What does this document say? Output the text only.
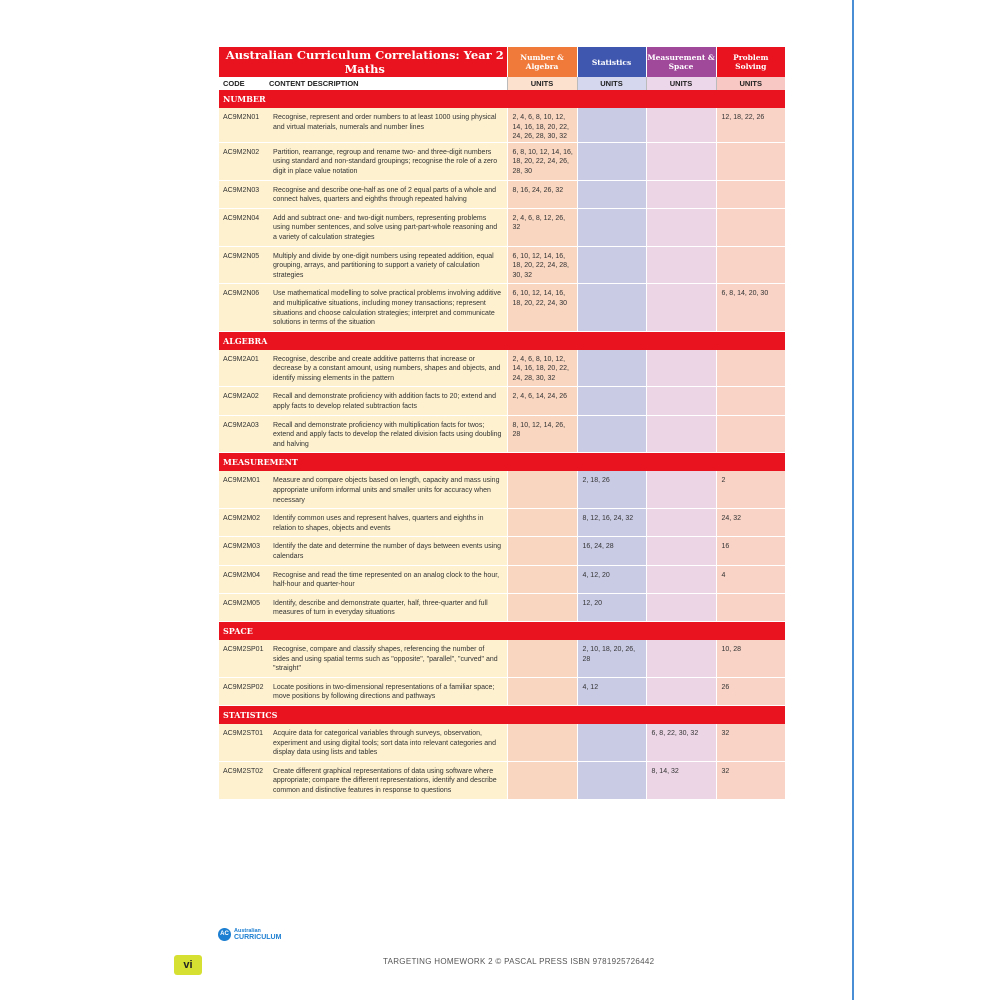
Australian Curriculum Correlations: Year 2 Maths		Number & Algebra	Statistics	Measurement & Space	Problem Solving
CODE	CONTENT DESCRIPTION	UNITS	UNITS	UNITS	UNITS
NUMBER					
AC9M2N01	Recognise, represent and order numbers to at least 1000 using physical and virtual materials, numerals and number lines	2, 4, 6, 8, 10, 12, 14, 16, 18, 20, 22, 24, 26, 28, 30, 32			12, 18, 22, 26
AC9M2N02	Partition, rearrange, regroup and rename two- and three-digit numbers using standard and non-standard groupings; recognise the role of a zero digit in place value notation	6, 8, 10, 12, 14, 16, 18, 20, 22, 24, 26, 28, 30			
AC9M2N03	Recognise and describe one-half as one of 2 equal parts of a whole and connect halves, quarters and eighths through repeated halving	8, 16, 24, 26, 32			
AC9M2N04	Add and subtract one- and two-digit numbers, representing problems using number sentences, and solve using part-part-whole reasoning and a variety of calculation strategies	2, 4, 6, 8, 12, 26, 32			
AC9M2N05	Multiply and divide by one-digit numbers using repeated addition, equal grouping, arrays, and partitioning to support a variety of calculation strategies	6, 10, 12, 14, 16, 18, 20, 22, 24, 28, 30, 32			
AC9M2N06	Use mathematical modelling to solve practical problems involving additive and multiplicative situations, including money transactions; represent situations and choose calculation strategies; interpret and communicate solutions in terms of the situation	6, 10, 12, 14, 16, 18, 20, 22, 24, 30			6, 8, 14, 20, 30
ALGEBRA					
AC9M2A01	Recognise, describe and create additive patterns that increase or decrease by a constant amount, using numbers, shapes and objects, and identify missing elements in the pattern	2, 4, 6, 8, 10, 12, 14, 16, 18, 20, 22, 24, 28, 30, 32			
AC9M2A02	Recall and demonstrate proficiency with addition facts to 20; extend and apply facts to develop related subtraction facts	2, 4, 6, 14, 24, 26			
AC9M2A03	Recall and demonstrate proficiency with multiplication facts for twos; extend and apply facts to develop the related division facts using doubling and halving	8, 10, 12, 14, 26, 28			
MEASUREMENT					
AC9M2M01	Measure and compare objects based on length, capacity and mass using appropriate uniform informal units and smaller units for accuracy when necessary		2, 18, 26		2
AC9M2M02	Identify common uses and represent halves, quarters and eighths in relation to shapes, objects and events		8, 12, 16, 24, 32		24, 32
AC9M2M03	Identify the date and determine the number of days between events using calendars		16, 24, 28		16
AC9M2M04	Recognise and read the time represented on an analog clock to the hour, half-hour and quarter-hour		4, 12, 20		4
AC9M2M05	Identify, describe and demonstrate quarter, half, three-quarter and full measures of turn in everyday situations		12, 20		
SPACE					
AC9M2SP01	Recognise, compare and classify shapes, referencing the number of sides and using spatial terms such as "opposite", "parallel", "curved" and "straight"		2, 10, 18, 20, 26, 28		10, 28
AC9M2SP02	Locate positions in two-dimensional representations of a familiar space; move positions by following directions and pathways		4, 12		26
STATISTICS					
AC9M2ST01	Acquire data for categorical variables through surveys, observation, experiment and using digital tools; sort data into relevant categories and display data using lists and tables			6, 8, 22, 30, 32	32
AC9M2ST02	Create different graphical representations of data using software where appropriate; compare the different representations, identify and describe common and distinctive features in response to questions			8, 14, 32	32
AC Australian
CURRICULUM
vi	TARGETING HOMEWORK 2 © PASCAL PRESS ISBN 9781925726442
